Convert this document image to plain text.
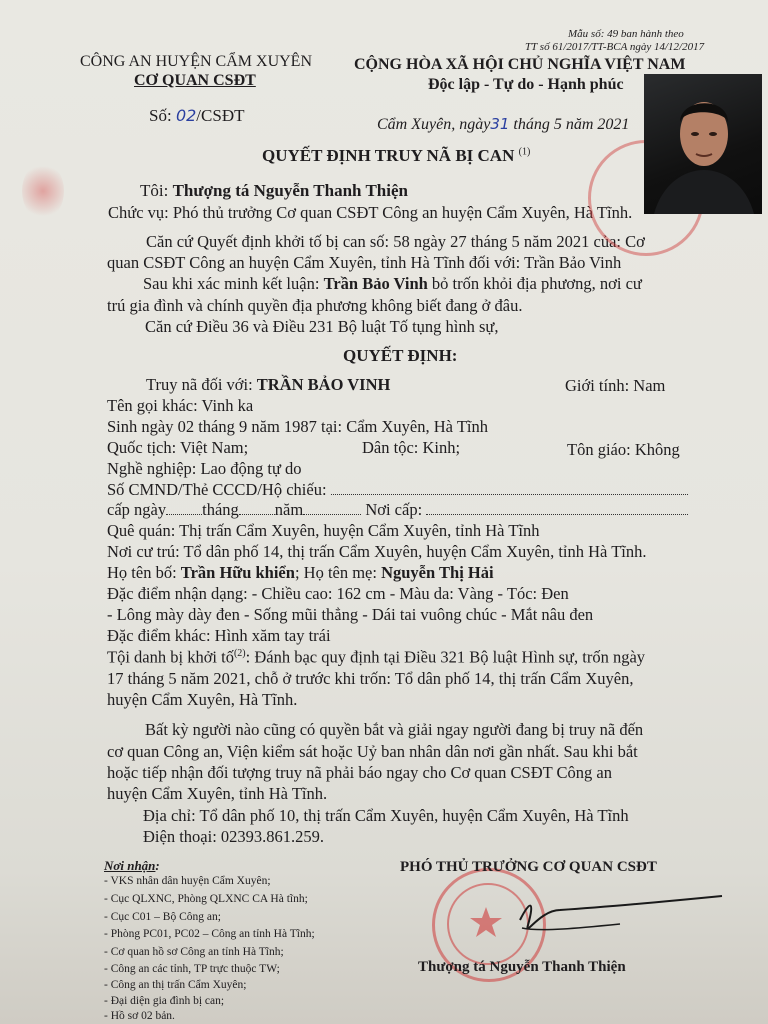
Mẫu số: 49 ban hành theo
TT số 61/2017/TT-BCA ngày 14/12/2017
CÔNG AN HUYỆN CẨM XUYÊN
CƠ QUAN CSĐT
CỘNG HÒA XÃ HỘI CHỦ NGHĨA VIỆT NAM
Độc lập - Tự do - Hạnh phúc
Số: 02/CSĐT	Cẩm Xuyên, ngày31 tháng 5 năm 2021
QUYẾT ĐỊNH TRUY NÃ BỊ CAN $^{(1)}$
Tôi: Thượng tá Nguyễn Thanh Thiện
Chức vụ: Phó thủ trưởng Cơ quan CSĐT Công an huyện Cẩm Xuyên, Hà Tĩnh.
Căn cứ Quyết định khởi tố bị can số: 58 ngày 27 tháng 5 năm 2021 của: Cơ
quan CSĐT Công an huyện Cẩm Xuyên, tỉnh Hà Tĩnh đối với: Trần Bảo Vinh
Sau khi xác minh kết luận: Trần Bảo Vinh bỏ trốn khỏi địa phương, nơi cư
trú gia đình và chính quyền địa phương không biết đang ở đâu.
Căn cứ Điều 36 và Điều 231 Bộ luật Tố tụng hình sự,
QUYẾT ĐỊNH:
Truy nã đối với: TRẦN BẢO VINH	Giới tính: Nam
Tên gọi khác: Vinh ka
Sinh ngày 02 tháng 9 năm 1987 tại: Cẩm Xuyên, Hà Tĩnh
Quốc tịch: Việt Nam;	Dân tộc: Kinh;	Tôn giáo: Không
Nghề nghiệp: Lao động tự do
Số CMND/Thẻ CCCD/Hộ chiếu:
cấp ngày tháng năm	Nơi cấp:
Quê quán: Thị trấn Cẩm Xuyên, huyện Cẩm Xuyên, tỉnh Hà Tĩnh
Nơi cư trú: Tổ dân phố 14, thị trấn Cẩm Xuyên, huyện Cẩm Xuyên, tỉnh Hà Tĩnh.
Họ tên bố: Trần Hữu khiển; Họ tên mẹ: Nguyễn Thị Hải
Đặc điểm nhận dạng: - Chiều cao: 162 cm - Màu da: Vàng - Tóc: Đen
- Lông mày dày đen - Sống mũi thẳng - Dái tai vuông chúc - Mắt nâu đen
Đặc điểm khác: Hình xăm tay trái
Tội danh bị khởi tố$^{(2)}$: Đánh bạc quy định tại Điều 321 Bộ luật Hình sự, trốn ngày
17 tháng 5 năm 2021, chỗ ở trước khi trốn: Tổ dân phố 14, thị trấn Cẩm Xuyên,
huyện Cẩm Xuyên, Hà Tĩnh.
Bất kỳ người nào cũng có quyền bắt và giải ngay người đang bị truy nã đến
cơ quan Công an, Viện kiểm sát hoặc Uỷ ban nhân dân nơi gần nhất. Sau khi bắt
hoặc tiếp nhận đối tượng truy nã phải báo ngay cho Cơ quan CSĐT Công an
huyện Cẩm Xuyên, tỉnh Hà Tĩnh.
Địa chỉ: Tổ dân phố 10, thị trấn Cẩm Xuyên, huyện Cẩm Xuyên, Hà Tĩnh
Điện thoại: 02393.861.259.
Nơi nhận:
- VKS nhân dân huyện Cẩm Xuyên;
- Cục QLXNC, Phòng QLXNC CA Hà tĩnh;
- Cục C01 – Bộ Công an;
- Phòng PC01, PC02 – Công an tỉnh Hà Tĩnh;
- Cơ quan hồ sơ Công an tỉnh Hà Tĩnh;
- Công an các tỉnh, TP trực thuộc TW;
- Công an thị trấn Cẩm Xuyên;
- Đại diện gia đình bị can;
- Hồ sơ 02 bản.
PHÓ THỦ TRƯỞNG CƠ QUAN CSĐT
Thượng tá Nguyễn Thanh Thiện
